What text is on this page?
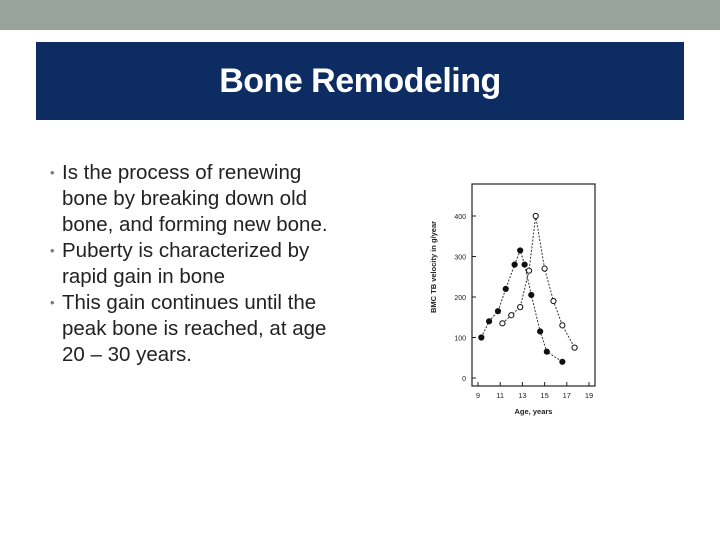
Bone Remodeling
• Is the process of renewing
bone by breaking down old
bone, and forming new bone.
• Puberty is characterized by
rapid gain in bone
• This gain continues until the
peak bone is reached, at age
20 – 30 years.
0
100
200
300
400
9 11 13 15 17 19
Age, years
BMC TB velocity in g/year
